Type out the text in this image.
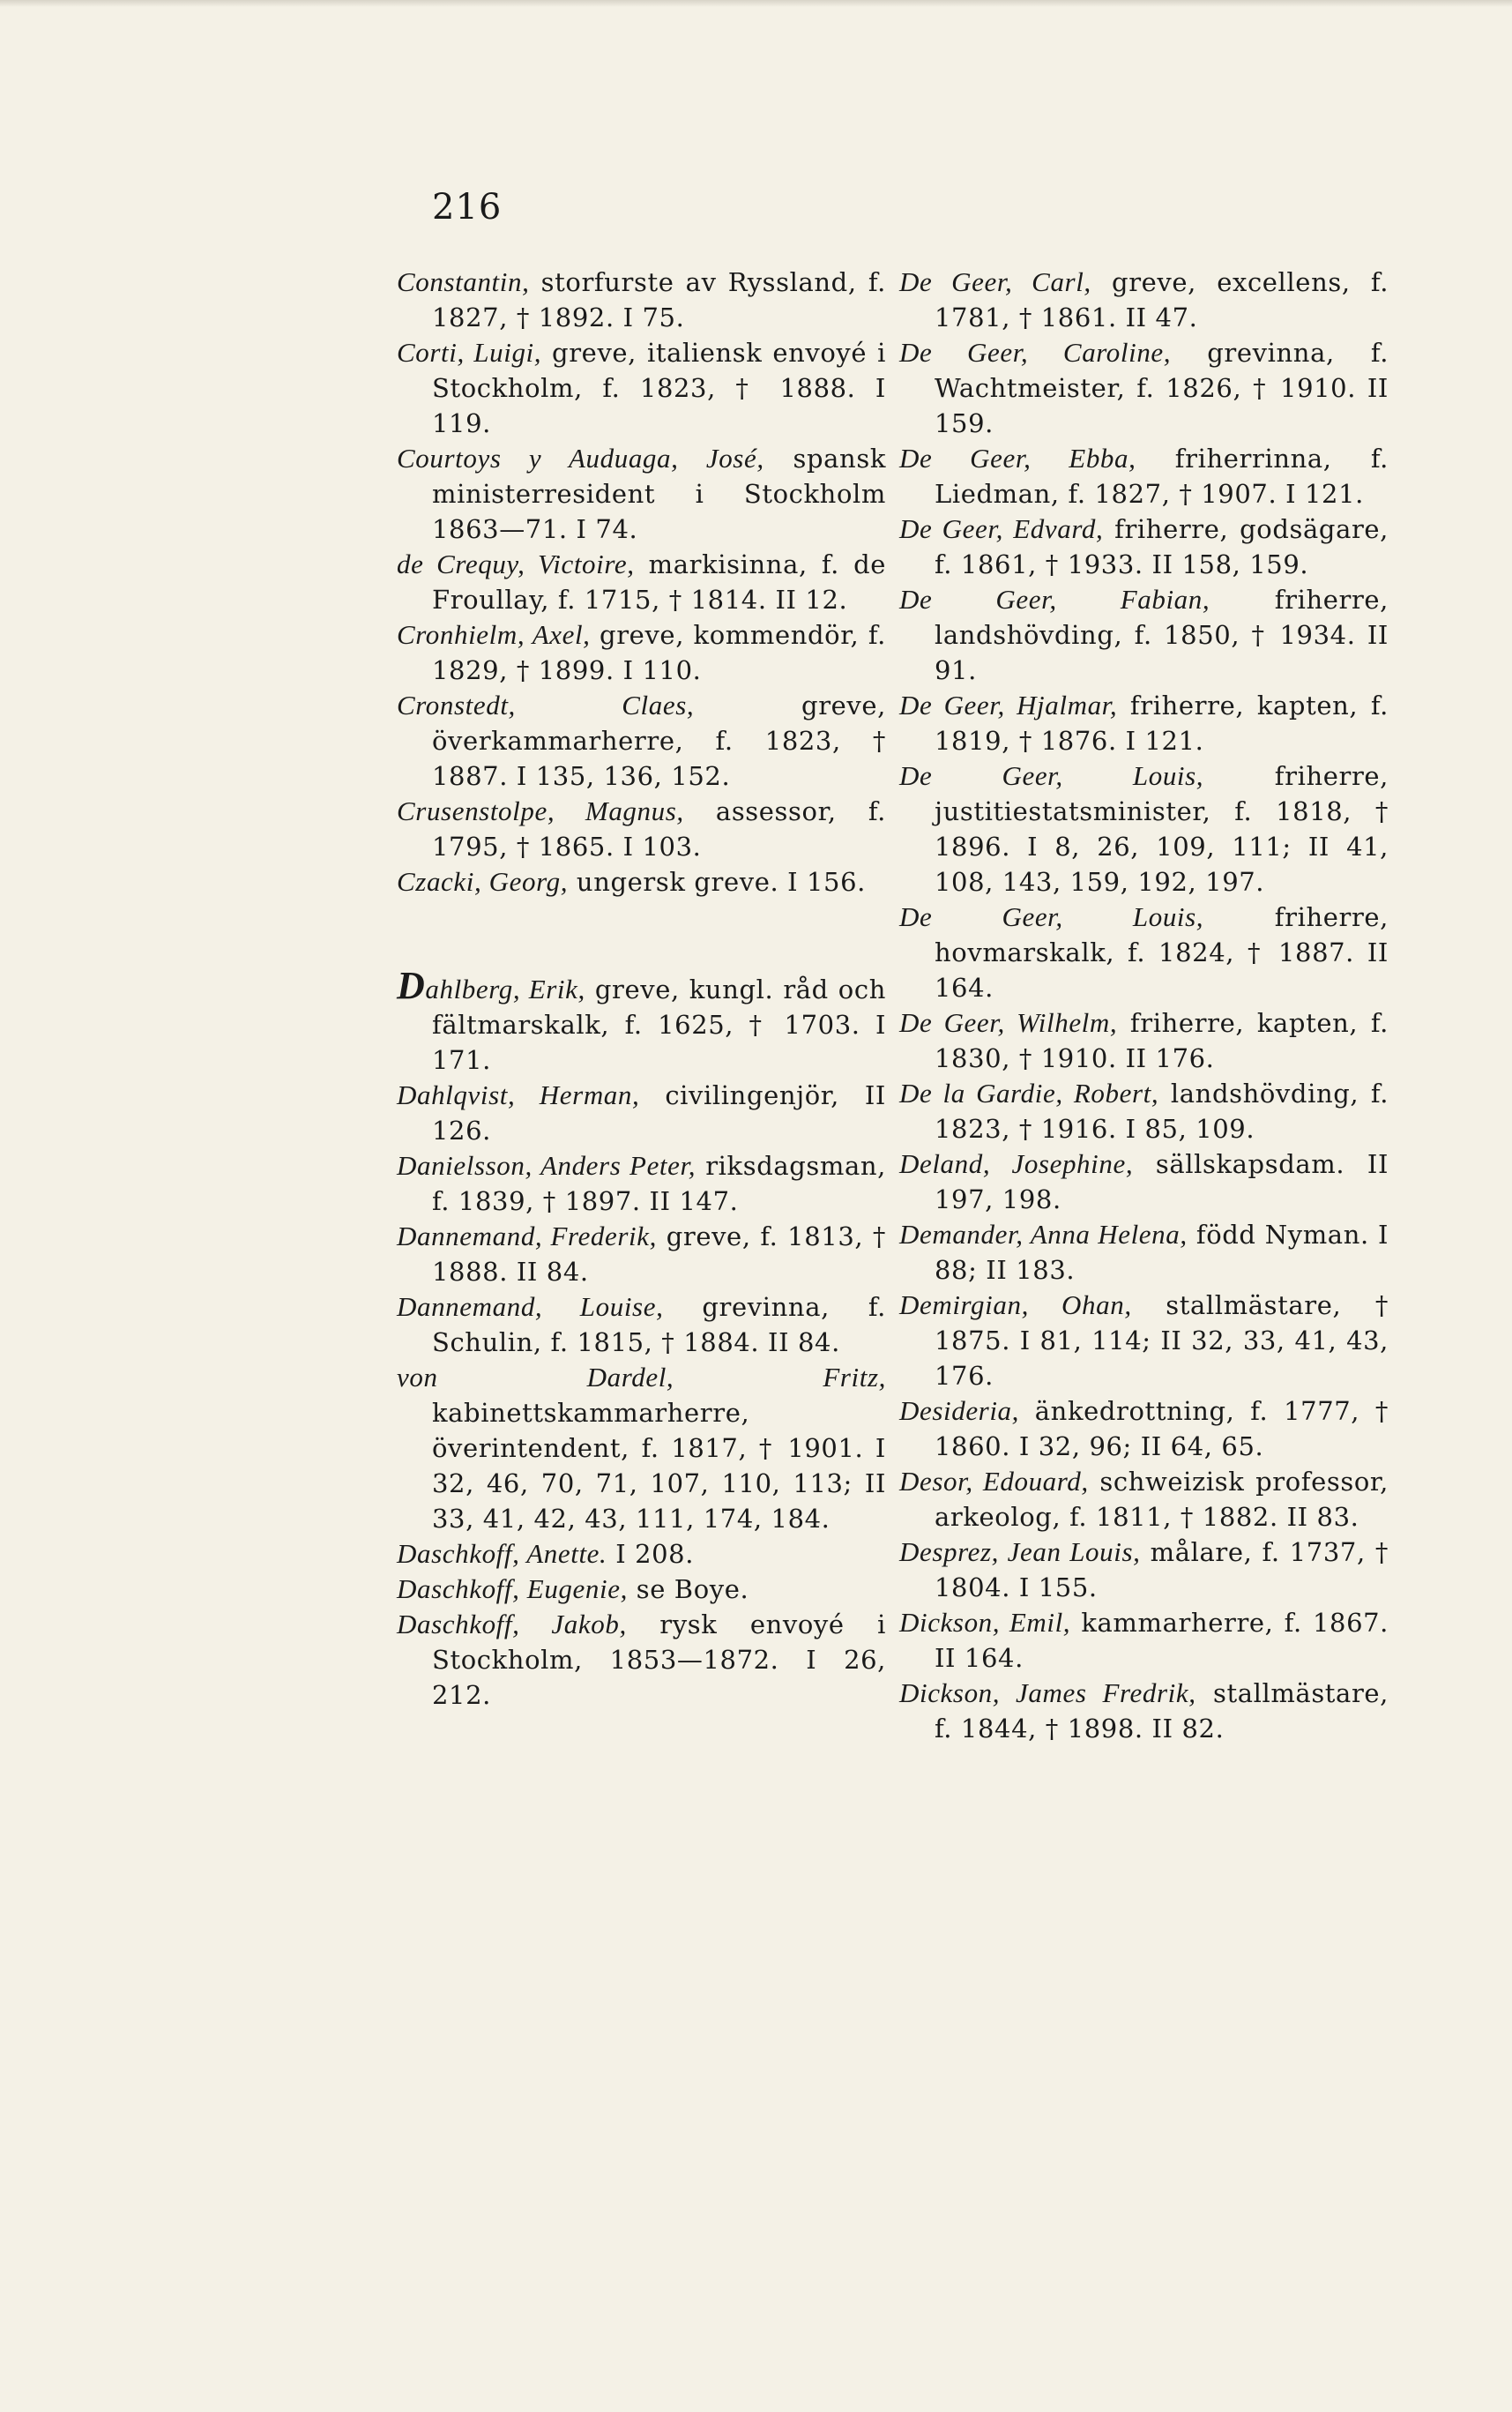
216

Constantin, storfurste av Ryssland, f. 1827, † 1892. I 75.

Corti, Luigi, greve, italiensk envoyé i Stockholm, f. 1823, † 1888. I 119.

Courtoys y Auduaga, José, spansk ministerresident i Stockholm 1863—71. I 74.

de Crequy, Victoire, markisinna, f. de Froullay, f. 1715, † 1814. II 12.

Cronhielm, Axel, greve, kommendör, f. 1829, † 1899. I 110.

Cronstedt, Claes, greve, överkammarherre, f. 1823, † 1887. I 135, 136, 152.

Crusenstolpe, Magnus, assessor, f. 1795, † 1865. I 103.

Czacki, Georg, ungersk greve. I 156.

Dahlberg, Erik, greve, kungl. råd och fältmarskalk, f. 1625, † 1703. I 171.

Dahlqvist, Herman, civilingenjör, II 126.

Danielsson, Anders Peter, riksdagsman, f. 1839, † 1897. II 147.

Dannemand, Frederik, greve, f. 1813, † 1888. II 84.

Dannemand, Louise, grevinna, f. Schulin, f. 1815, † 1884. II 84.

von Dardel, Fritz, kabinettskammarherre, överintendent, f. 1817, † 1901. I 32, 46, 70, 71, 107, 110, 113; II 33, 41, 42, 43, 111, 174, 184.

Daschkoff, Anette. I 208.

Daschkoff, Eugenie, se Boye.

Daschkoff, Jakob, rysk envoyé i Stockholm, 1853—1872. I 26, 212.

De Geer, Carl, greve, excellens, f. 1781, † 1861. II 47.

De Geer, Caroline, grevinna, f. Wachtmeister, f. 1826, † 1910. II 159.

De Geer, Ebba, friherrinna, f. Liedman, f. 1827, † 1907. I 121.

De Geer, Edvard, friherre, godsägare, f. 1861, † 1933. II 158, 159.

De Geer, Fabian, friherre, landshövding, f. 1850, † 1934. II 91.

De Geer, Hjalmar, friherre, kapten, f. 1819, † 1876. I 121.

De Geer, Louis, friherre, justitiestatsminister, f. 1818, † 1896. I 8, 26, 109, 111; II 41, 108, 143, 159, 192, 197.

De Geer, Louis, friherre, hovmarskalk, f. 1824, † 1887. II 164.

De Geer, Wilhelm, friherre, kapten, f. 1830, † 1910. II 176.

De la Gardie, Robert, landshövding, f. 1823, † 1916. I 85, 109.

Deland, Josephine, sällskapsdam. II 197, 198.

Demander, Anna Helena, född Nyman. I 88; II 183.

Demirgian, Ohan, stallmästare, † 1875. I 81, 114; II 32, 33, 41, 43, 176.

Desideria, änkedrottning, f. 1777, † 1860. I 32, 96; II 64, 65.

Desor, Edouard, schweizisk professor, arkeolog, f. 1811, † 1882. II 83.

Desprez, Jean Louis, målare, f. 1737, † 1804. I 155.

Dickson, Emil, kammarherre, f. 1867. II 164.

Dickson, James Fredrik, stallmästare, f. 1844, † 1898. II 82.
